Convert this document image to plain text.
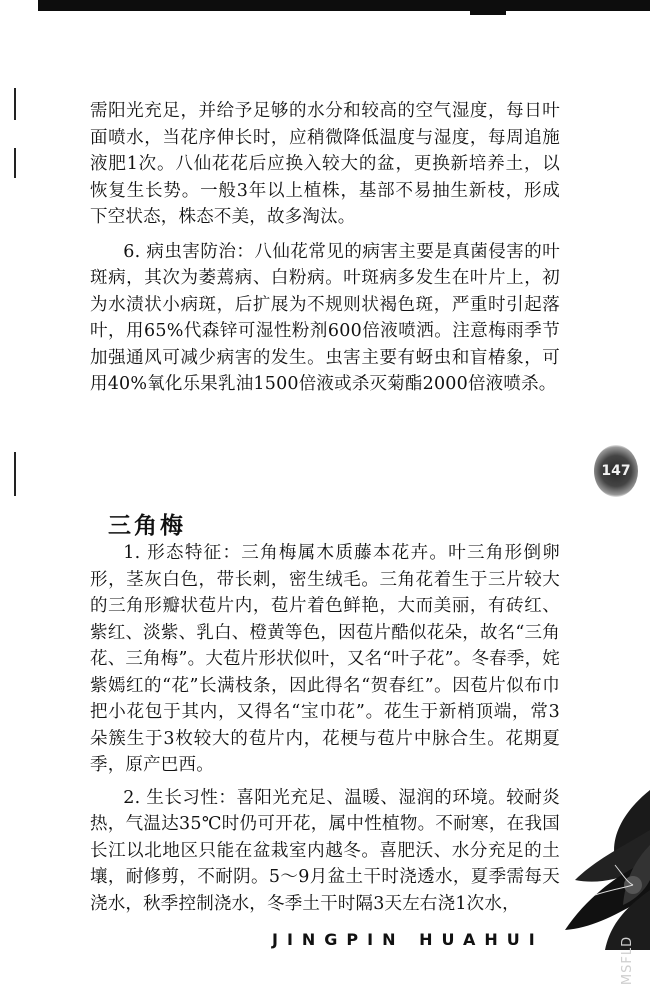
需阳光充足，并给予足够的水分和较高的空气湿度，每日叶面喷水，当花序伸长时，应稍微降低温度与湿度，每周追施液肥1次。八仙花花后应换入较大的盆，更换新培养土，以恢复生长势。一般3年以上植株，基部不易抽生新枝，形成下空状态，株态不美，故多淘汰。

6. 病虫害防治：八仙花常见的病害主要是真菌侵害的叶斑病，其次为萎蔫病、白粉病。叶斑病多发生在叶片上，初为水渍状小病斑，后扩展为不规则状褐色斑，严重时引起落叶，用65%代森锌可湿性粉剂600倍液喷洒。注意梅雨季节加强通风可减少病害的发生。虫害主要有蚜虫和盲椿象，可用40%氧化乐果乳油1500倍液或杀灭菊酯2000倍液喷杀。

147
三角梅

1. 形态特征：三角梅属木质藤本花卉。叶三角形倒卵形，茎灰白色，带长刺，密生绒毛。三角花着生于三片较大的三角形瓣状苞片内，苞片着色鲜艳，大而美丽，有砖红、紫红、淡紫、乳白、橙黄等色，因苞片酷似花朵，故名“三角花、三角梅”。大苞片形状似叶，又名“叶子花”。冬春季，姹紫嫣红的“花”长满枝条，因此得名“贺春红”。因苞片似布巾把小花包于其内，又得名“宝巾花”。花生于新梢顶端，常3朵簇生于3枚较大的苞片内，花梗与苞片中脉合生。花期夏季，原产巴西。

2. 生长习性：喜阳光充足、温暖、湿润的环境。较耐炎热，气温达35℃时仍可开花，属中性植物。不耐寒，在我国长江以北地区只能在盆栽室内越冬。喜肥沃、水分充足的土壤，耐修剪，不耐阴。5～9月盆土干时浇透水，夏季需每天浇水，秋季控制浇水，冬季土干时隔3天左右浇1次水，

JINGPIN HUAHUI	MSFLD
